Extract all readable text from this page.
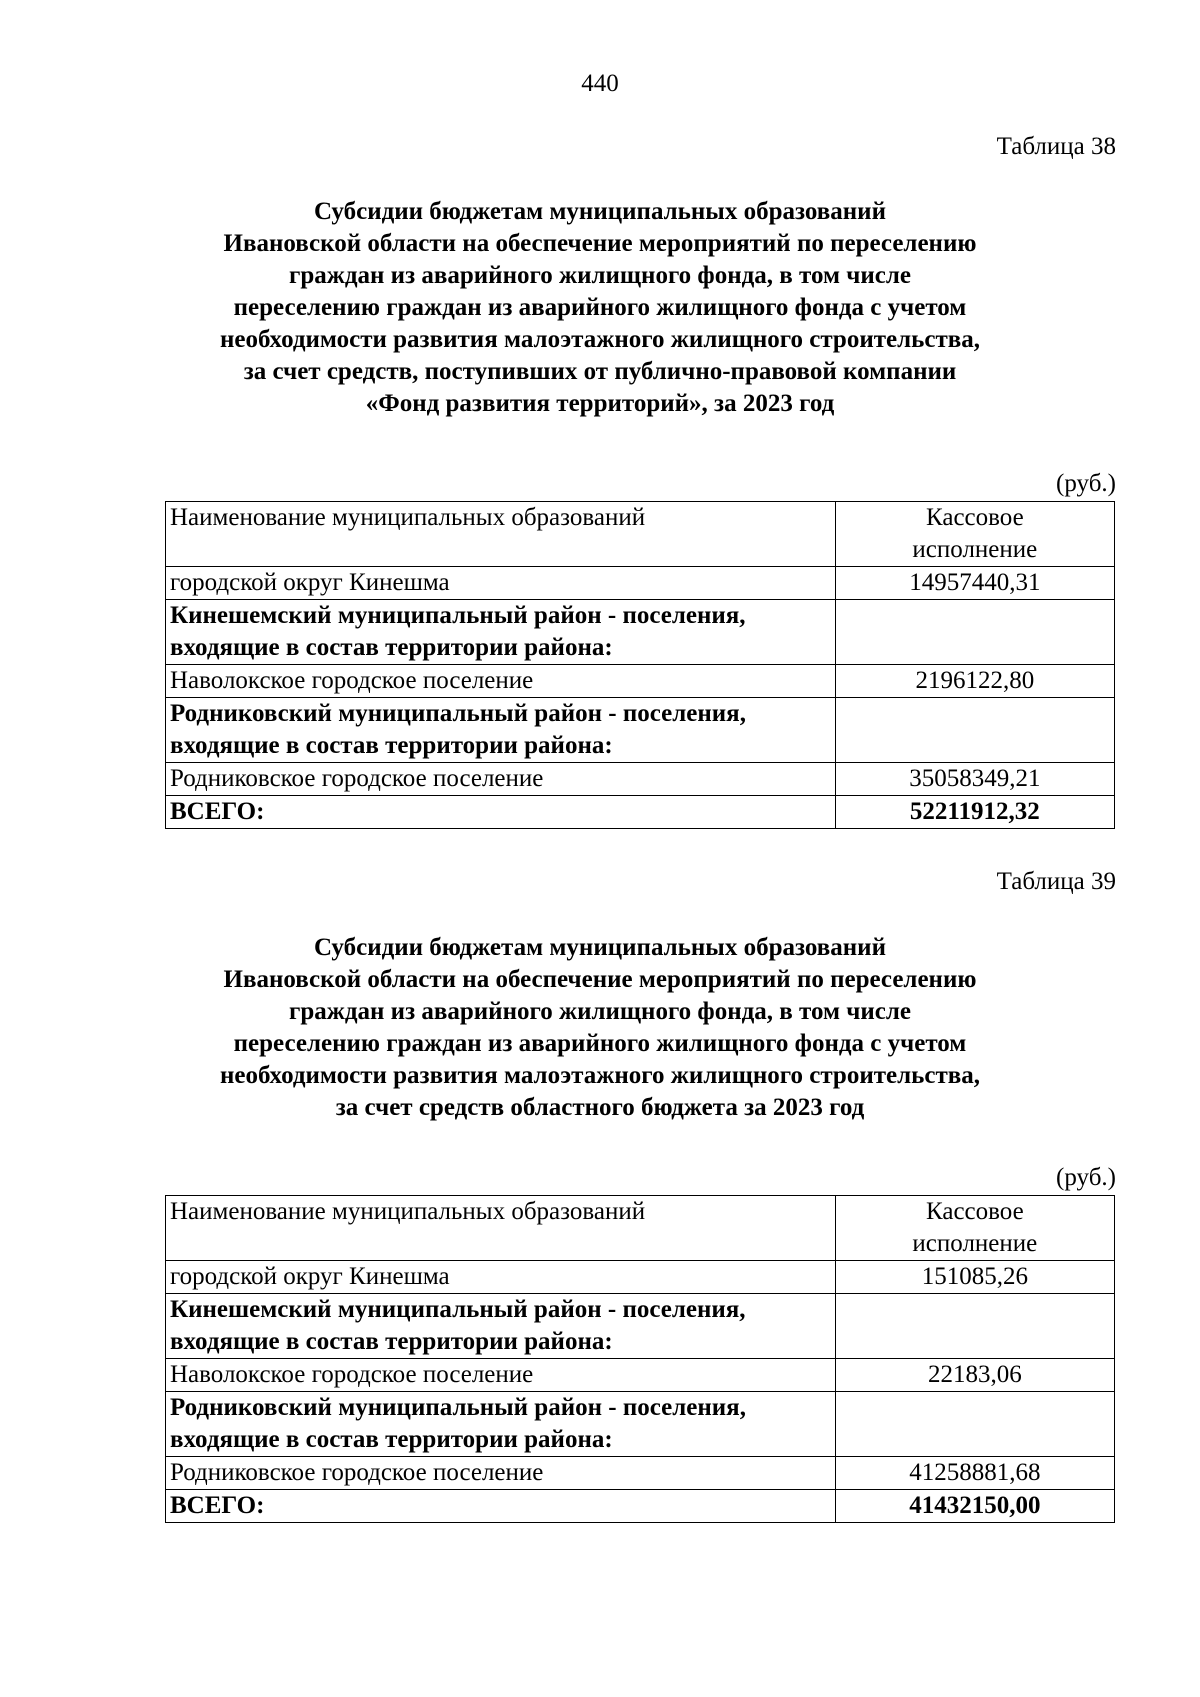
440
Таблица 38
Субсидии бюджетам муниципальных образований
Ивановской области на обеспечение мероприятий по переселению
граждан из аварийного жилищного фонда, в том числе
переселению граждан из аварийного жилищного фонда с учетом
необходимости развития малоэтажного жилищного строительства,
за счет средств, поступивших от публично-правовой компании
«Фонд развития территорий», за 2023 год
(руб.)
Наименование муниципальных образований	Кассовое
исполнение
городской округ Кинешма	14957440,31

Кинешемский муниципальный район - поселения,
входящие в состав территории района:	

Наволокское городское поселение	2196122,80

Родниковский муниципальный район - поселения,
входящие в состав территории района:	

Родниковское городское поселение	35058349,21
ВСЕГО:	52211912,32
Таблица 39
Субсидии бюджетам муниципальных образований
Ивановской области на обеспечение мероприятий по переселению
граждан из аварийного жилищного фонда, в том числе
переселению граждан из аварийного жилищного фонда с учетом
необходимости развития малоэтажного жилищного строительства,
за счет средств областного бюджета за 2023 год
(руб.)
Наименование муниципальных образований	Кассовое
исполнение
городской округ Кинешма	151085,26

Кинешемский муниципальный район - поселения,
входящие в состав территории района:	

Наволокское городское поселение	22183,06

Родниковский муниципальный район - поселения,
входящие в состав территории района:	

Родниковское городское поселение	41258881,68
ВСЕГО:	41432150,00
